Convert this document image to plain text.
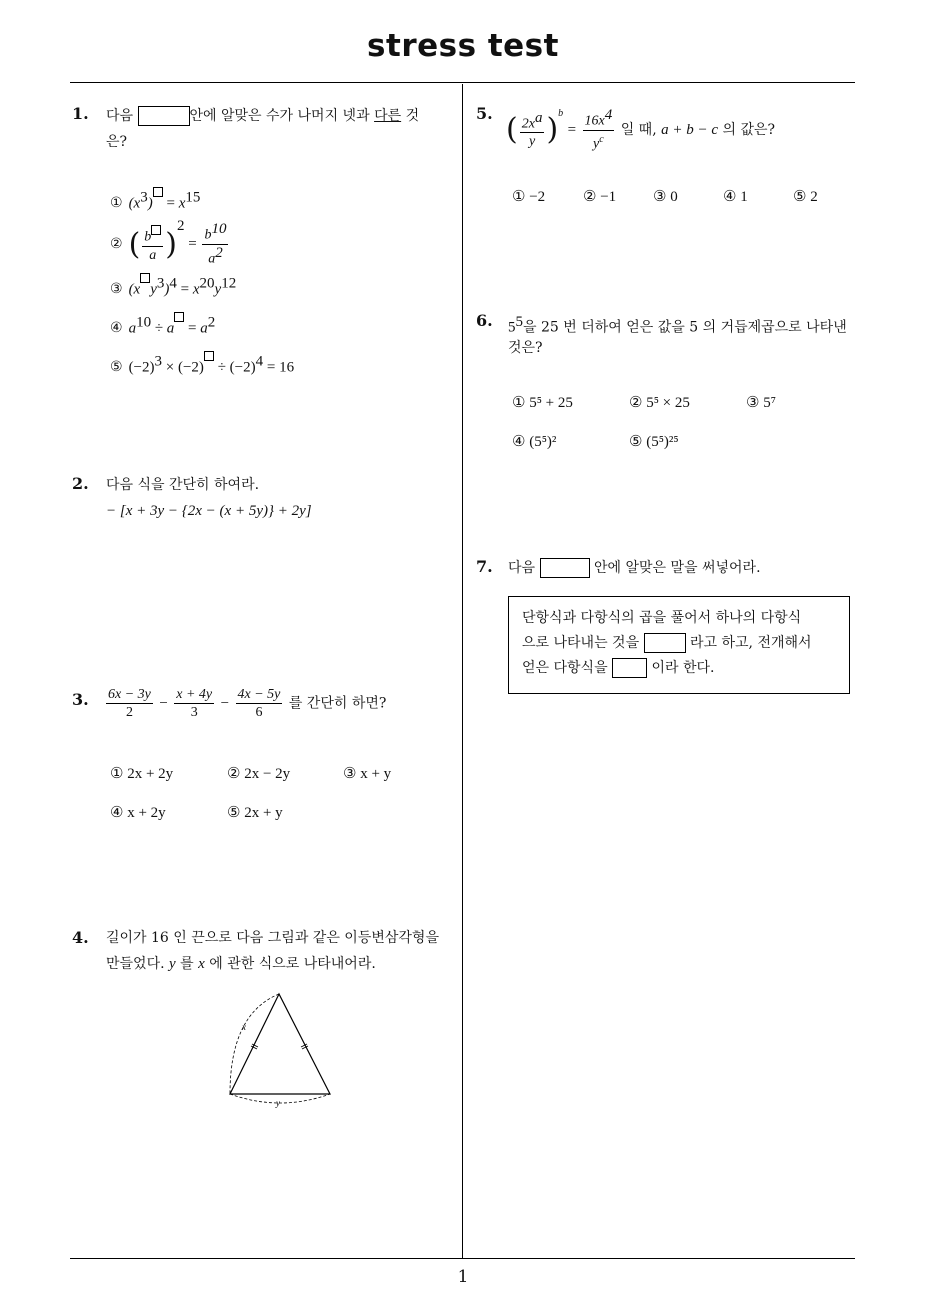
stress test
1
1. 다음	안에 알맞은 수가 나머지 넷과 다른 것
은?
① $(x^3) = x^{15}$
② ( $\frac{b}{a} )^2 = \frac{b^{10}}{a^2}$
③ (x $y^3)^4 = x^{20}y^{12}$
④ $a^{10} \div a = a^2$
⑤ $(-2)^3 \times (-2) \div (-2)^4 = 16$
2. 다음 식을 간단히 하여라.
− [x + 3y − {2x − (x + 5y)} + 2y]
3. $\frac{6x - 3y}{2} - \frac{x + 4y}{3} - \frac{4x - 5y}{6}$ 를 간단히 하면?
① 2x + 2y	② 2x − 2y	③ x + y
④ x + 2y	⑤ 2x + y
4. 길이가 16 인 끈으로 다음 그림과 같은 이등변삼각형을
만들었다. y 를 x 에 관한 식으로 나타내어라.
x
y
5. ( $\frac{2x^a}{y} )^b = \frac{16x^4}{y^c}$ 일 때, a + b − c 의 값은?
① −2	② −1 ③ 0	④ 1	⑤ 2
6. $5^5$을 25 번 더하여 얻은 값을 5 의 거듭제곱으로 나타낸
것은?
① 5⁵ + 25	② 5⁵ × 25	③ 5⁷
④ (5⁵)²	⑤ (5⁵)²⁵
7. 다음	안에 알맞은 말을 써넣어라.
단항식과 다항식의 곱을 풀어서 하나의 다항식
으로 나타내는 것을	라고 하고, 전개해서
얻은 다항식을	이라 한다.
